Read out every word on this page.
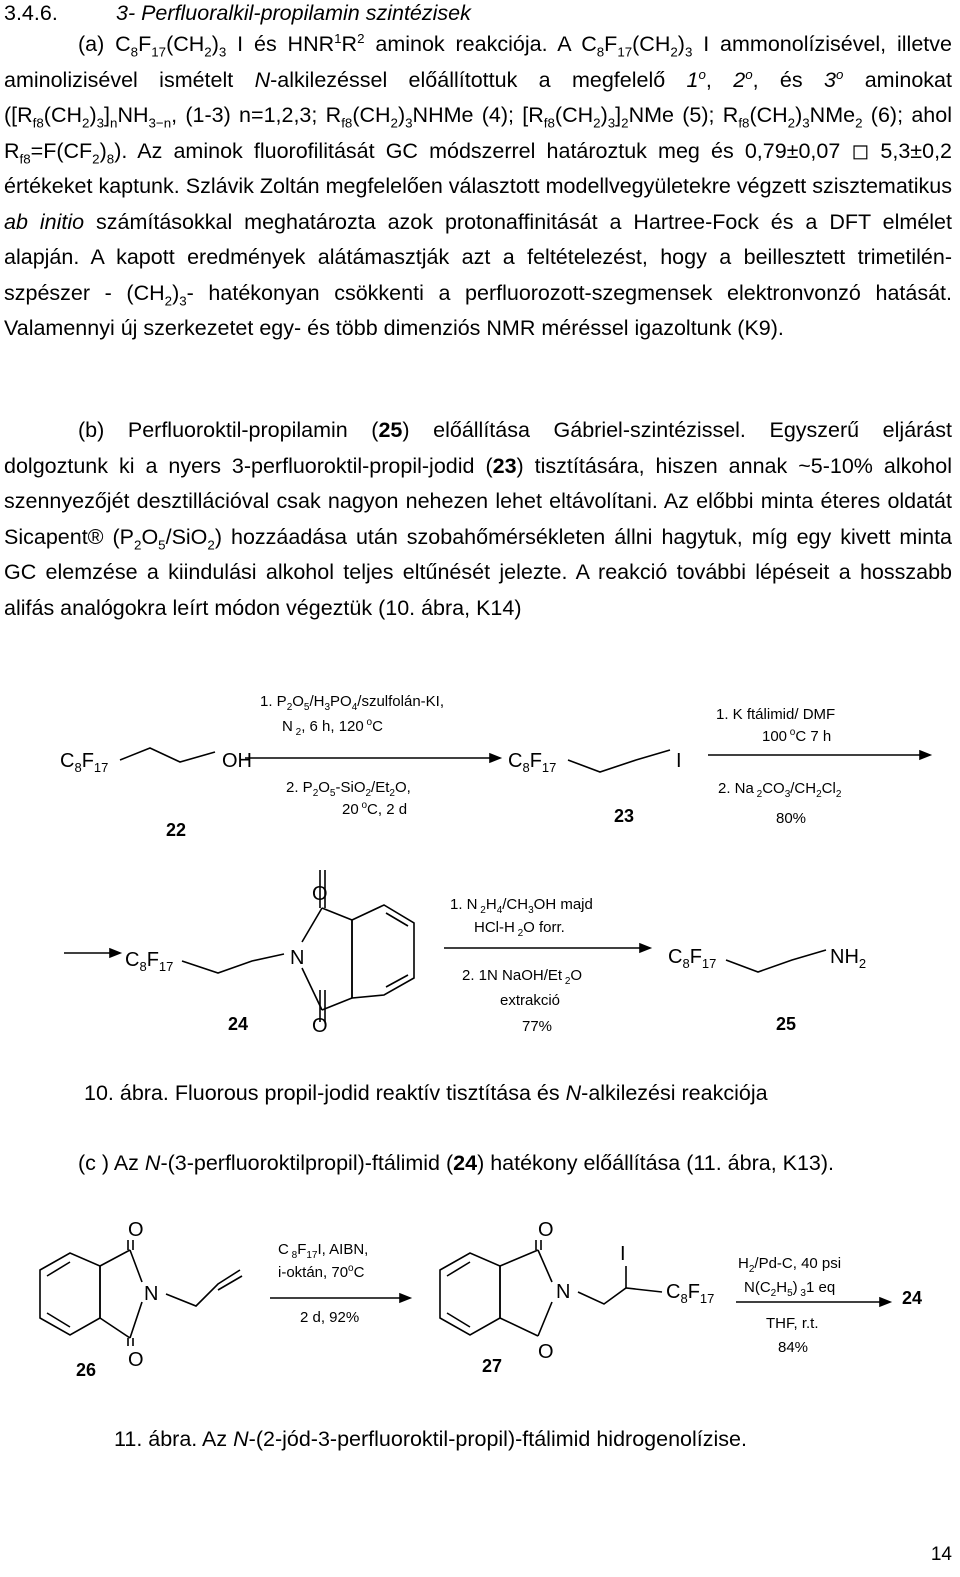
3.4.6.	3- Perfluoralkil-propilamin szintézisek

(a) $C_8F_{17}(CH_2)_3$ I és $HNR^1R^2$ aminok reakciója. A $C_8F_{17}(CH_2)_3$ I ammonolízisével, illetve aminolizisével ismételt N-alkilezéssel előállítottuk a megfelelő 1$^o$, 2$^o$, és 3$^o$ aminokat ($[R_{f8}(CH_2)_3]_nNH_{3-n}$, (1-3) n=1,2,3; $R_{f8}(CH_2)_3NHMe$ (4); $[R_{f8}(CH_2)_3]_2NMe$ (5); $R_{f8}(CH_2)_3NMe_2$ (6); ahol $R_{f8}=F(CF_2)_8$). Az aminok fluorofilitását GC módszerrel határoztuk meg és 0,79±0,07 ◻ 5,3±0,2 értékeket kaptunk. Szlávik Zoltán megfelelően választott modellvegyületekre végzett szisztematikus ab initio számításokkal meghatározta azok protonaffinitását a Hartree-Fock és a DFT elmélet alapján. A kapott eredmények alátámasztják azt a feltételezést, hogy a beillesztett trimetilén-szpészer - $(CH_2)_3-$ hatékonyan csökkenti a perfluorozott-szegmensek elektronvonzó hatását. Valamennyi új szerkezetet egy- és több dimenziós NMR méréssel igazoltunk (K9).

(b) Perfluoroktil-propilamin (25) előállítása Gábriel-szintézissel. Egyszerű eljárást dolgoztunk ki a nyers 3-perfluoroktil-propil-jodid (23) tisztítására, hiszen annak ~5-10% alkohol szennyezőjét desztillációval csak nagyon nehezen lehet eltávolítani. Az előbbi minta éteres oldatát Sicapent® $(P_2O_5/SiO_2)$ hozzáadása után szobahőmérsékleten állni hagytuk, míg egy kivett minta GC elemzése a kiindulási alkohol teljes eltűnését jelezte. A reakció további lépéseit a hosszabb alifás analógokra leírt módon végeztük (10. ábra, K14)

$C_8F_{17}$	OH
22
$C_8F_{17}$	I
23
1. $P_2O_5/H_3PO_4/szulfolán-KI$,
N $_2$, 6 h, 120 $^o$C
2. $P_2O_5-SiO_2/Et_2O$,
20 $^o$C, 2 d
1. K ftálimid/ DMF
100 $^o$C 7 h
2. Na $_2CO_3/CH_2Cl_2$
80%
$C_8F_{17}$	N
O
O
24
$C_8F_{17}$	$NH_2$
25
1. N $_2H_4/CH_3OH$ majd
HCl-H $_2$O forr.
2. 1N NaOH/Et $_2$O
extrakció
77%
10. ábra. Fluorous propil-jodid reaktív tisztítása és N-alkilezési reakciója
(c ) Az N-(3-perfluoroktilpropil)-ftálimid (24) hatékony előállítása (11. ábra, K13).
O
O
N
26
C $_8F_{17}I$, AIBN,
i-oktán, 70$^o$C
2 d, 92%
O
O
N
I
$C_8F_{17}$
27
$H_2/Pd-C$, 40 psi
$N(C_2H_5)$ $_3$1 eq
THF, r.t.
84%
24
11. ábra. Az N-(2-jód-3-perfluoroktil-propil)-ftálimid hidrogenolízise.
14
